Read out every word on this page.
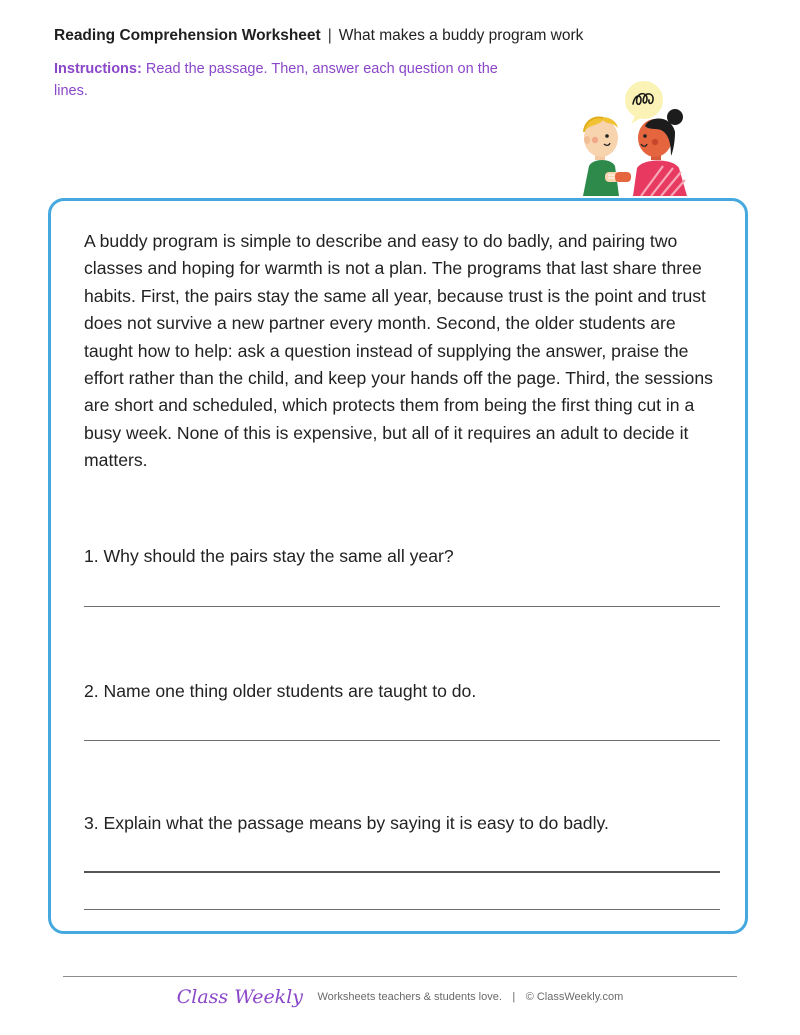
Reading Comprehension Worksheet | What makes a buddy program work
Instructions: Read the passage. Then, answer each question on the lines.

A buddy program is simple to describe and easy to do badly, and pairing two classes and hoping for warmth is not a plan. The programs that last share three habits. First, the pairs stay the same all year, because trust is the point and trust does not survive a new partner every month. Second, the older students are taught how to help: ask a question instead of supplying the answer, praise the effort rather than the child, and keep your hands off the page. Third, the sessions are short and scheduled, which protects them from being the first thing cut in a busy week. None of this is expensive, but all of it requires an adult to decide it matters.

1. Why should the pairs stay the same all year?
2. Name one thing older students are taught to do.
3. Explain what the passage means by saying it is easy to do badly.
Class Weekly Worksheets teachers & students love. | © ClassWeekly.com
